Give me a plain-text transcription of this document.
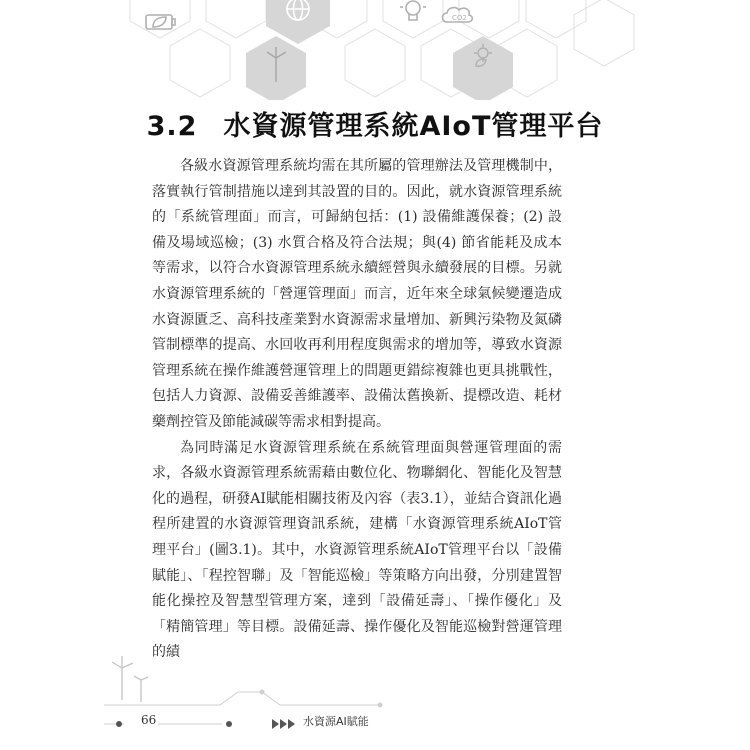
CO2
3.2 水資源管理系統AIoT管理平台

各級水資源管理系統均需在其所屬的管理辦法及管理機制中，落實執行管制措施以達到其設置的目的。因此，就水資源管理系統的「系統管理面」而言，可歸納包括：(1) 設備維護保養；(2) 設備及場域巡檢；(3) 水質合格及符合法規；與(4) 節省能耗及成本等需求，以符合水資源管理系統永續經營與永續發展的目標。另就水資源管理系統的「營運管理面」而言，近年來全球氣候變遷造成水資源匱乏、高科技產業對水資源需求量增加、新興污染物及氮磷管制標準的提高、水回收再利用程度與需求的增加等，導致水資源管理系統在操作維護營運管理上的問題更錯綜複雜也更具挑戰性，包括人力資源、設備妥善維護率、設備汰舊換新、提標改造、耗材藥劑控管及節能減碳等需求相對提高。

為同時滿足水資源管理系統在系統管理面與營運管理面的需求，各級水資源管理系統需藉由數位化、物聯網化、智能化及智慧化的過程，研發AI賦能相關技術及內容（表3.1），並結合資訊化過程所建置的水資源管理資訊系統，建構「水資源管理系統AIoT管理平台」(圖3.1)。其中，水資源管理系統AIoT管理平台以「設備賦能」、「程控智聯」及「智能巡檢」等策略方向出發，分別建置智能化操控及智慧型管理方案，達到「設備延壽」、「操作優化」及「精簡管理」等目標。設備延壽、操作優化及智能巡檢對營運管理的績

66	水資源AI賦能
